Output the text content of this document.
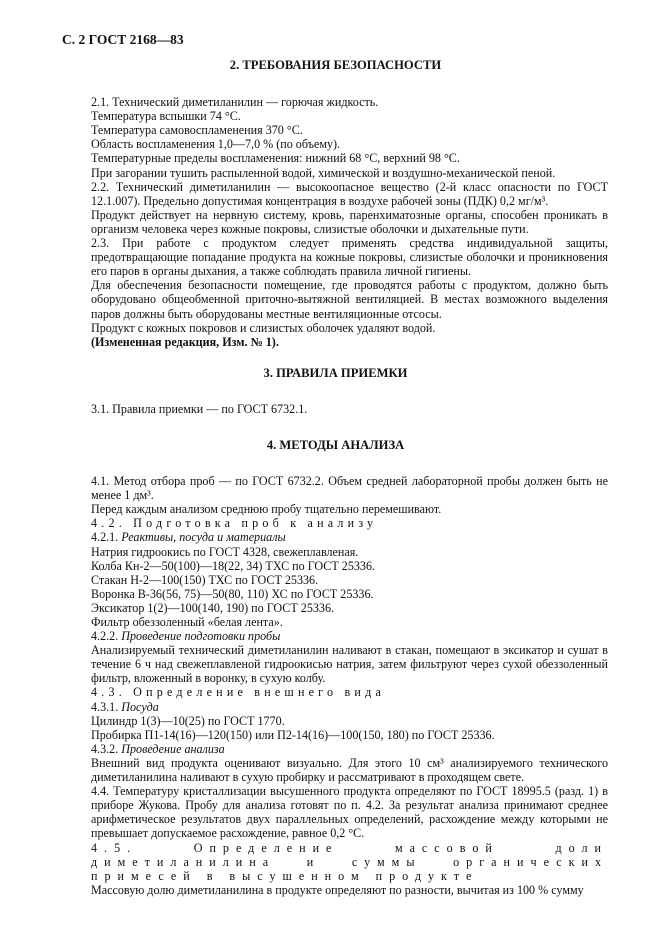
С. 2 ГОСТ 2168—83
2. ТРЕБОВАНИЯ БЕЗОПАСНОСТИ

2.1. Технический диметиланилин — горючая жидкость.

Температура вспышки 74 °С.

Температура самовоспламенения 370 °С.

Область воспламенения 1,0—7,0 % (по объему).

Температурные пределы воспламенения: нижний 68 °С, верхний 98 °С.

При загорании тушить распыленной водой, химической и воздушно-механической пеной.

2.2. Технический диметиланилин — высокоопасное вещество (2-й класс опасности по ГОСТ 12.1.007). Предельно допустимая концентрация в воздухе рабочей зоны (ПДК) 0,2 мг/м³.

Продукт действует на нервную систему, кровь, паренхиматозные органы, способен проникать в организм человека через кожные покровы, слизистые оболочки и дыхательные пути.

2.3. При работе с продуктом следует применять средства индивидуальной защиты, предотвращающие попадание продукта на кожные покровы, слизистые оболочки и проникновения его паров в органы дыхания, а также соблюдать правила личной гигиены.

Для обеспечения безопасности помещение, где проводятся работы с продуктом, должно быть оборудовано общеобменной приточно-вытяжной вентиляцией. В местах возможного выделения паров должны быть оборудованы местные вентиляционные отсосы.

Продукт с кожных покровов и слизистых оболочек удаляют водой.

(Измененная редакция, Изм. № 1).

3. ПРАВИЛА ПРИЕМКИ

3.1. Правила приемки — по ГОСТ 6732.1.

4. МЕТОДЫ АНАЛИЗА

4.1. Метод отбора проб — по ГОСТ 6732.2. Объем средней лабораторной пробы должен быть не менее 1 дм³.

Перед каждым анализом среднюю пробу тщательно перемешивают.

4.2. Подготовка проб к анализу

4.2.1. Реактивы, посуда и материалы

Натрия гидроокись по ГОСТ 4328, свежеплавленая.

Колба Кн-2—50(100)—18(22, 34) ТХС по ГОСТ 25336.

Стакан Н-2—100(150) ТХС по ГОСТ 25336.

Воронка В-36(56, 75)—50(80, 110) ХС по ГОСТ 25336.

Эксикатор 1(2)—100(140, 190) по ГОСТ 25336.

Фильтр обеззоленный «белая лента».

4.2.2. Проведение подготовки пробы

Анализируемый технический диметиланилин наливают в стакан, помещают в эксикатор и сушат в течение 6 ч над свежеплавленой гидроокисью натрия, затем фильтруют через сухой обеззоленный фильтр, вложенный в воронку, в сухую колбу.

4.3. Определение внешнего вида

4.3.1. Посуда

Цилиндр 1(3)—10(25) по ГОСТ 1770.

Пробирка П1-14(16)—120(150) или П2-14(16)—100(150, 180) по ГОСТ 25336.

4.3.2. Проведение анализа

Внешний вид продукта оценивают визуально. Для этого 10 см³ анализируемого технического диметиланилина наливают в сухую пробирку и рассматривают в проходящем свете.

4.4. Температуру кристаллизации высушенного продукта определяют по ГОСТ 18995.5 (разд. 1) в приборе Жукова. Пробу для анализа готовят по п. 4.2. За результат анализа принимают среднее арифметическое результатов двух параллельных определений, расхождение между которыми не превышает допускаемое расхождение, равное 0,2 °С.

4.5. Определение массовой доли диметиланилина и суммы органических примесей в высушенном продукте

Массовую долю диметиланилина в продукте определяют по разности, вычитая из 100 % сумму
